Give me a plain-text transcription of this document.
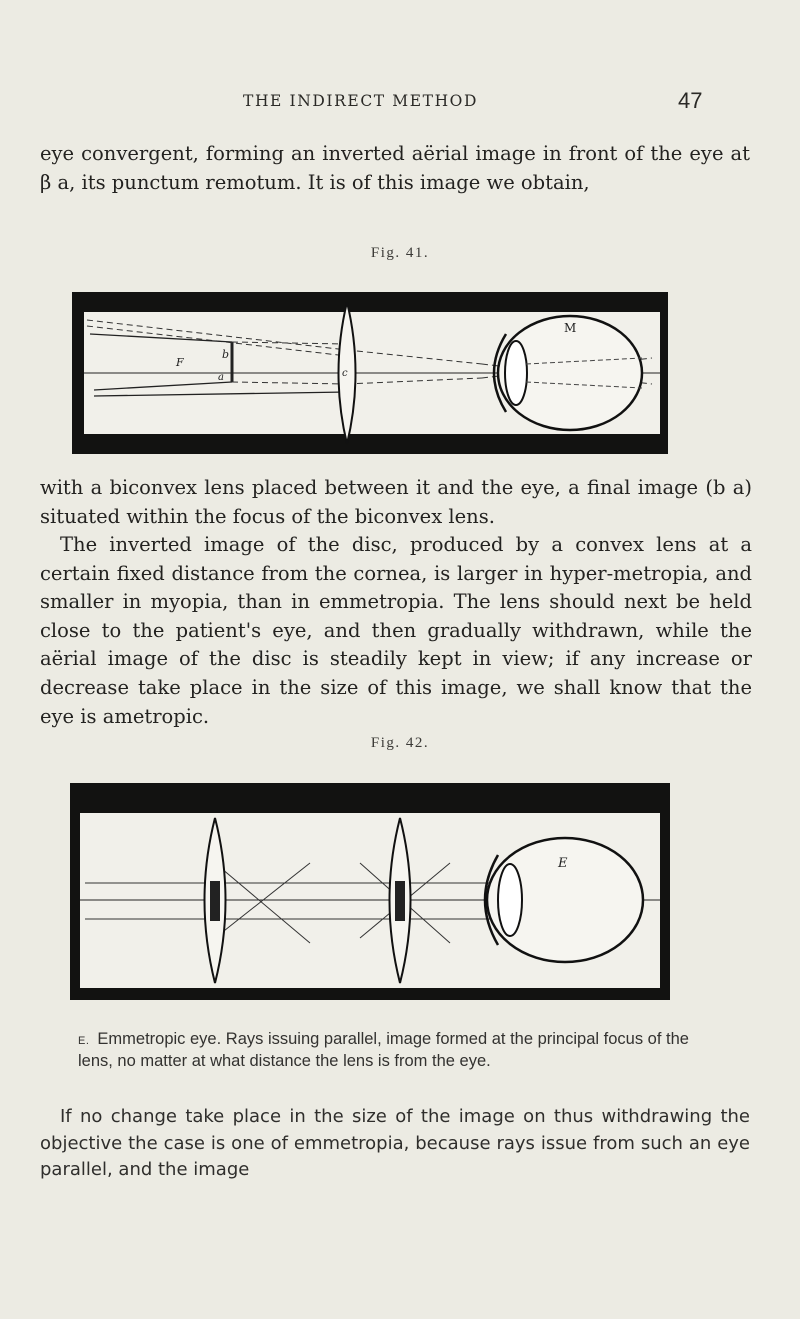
THE INDIRECT METHOD	47

eye convergent, forming an inverted aërial image in front of the eye at β a, its punctum remotum. It is of this image we obtain,

Fig. 41.
M
F
b
a	c

with a biconvex lens placed between it and the eye, a final image (b a) situated within the focus of the biconvex lens.

The inverted image of the disc, produced by a convex lens at a certain fixed distance from the cornea, is larger in hyper-metropia, and smaller in myopia, than in emmetropia. The lens should next be held close to the patient's eye, and then gradually withdrawn, while the aërial image of the disc is steadily kept in view; if any increase or decrease take place in the size of this image, we shall know that the eye is ametropic.

Fig. 42.
E
E. Emmetropic eye. Rays issuing parallel, image formed at the principal focus of the lens, no matter at what distance the lens is from the eye.

If no change take place in the size of the image on thus withdrawing the objective the case is one of emmetropia, because rays issue from such an eye parallel, and the image
